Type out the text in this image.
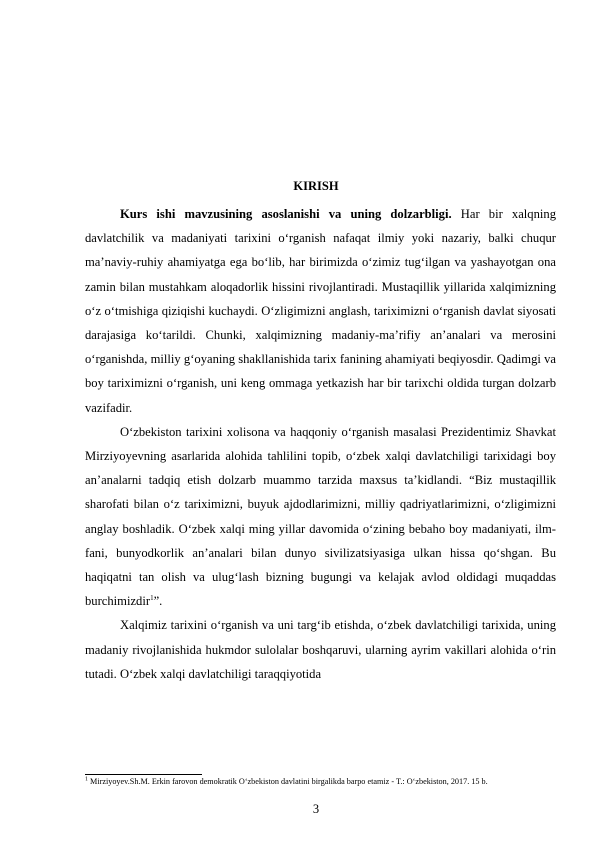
KIRISH

Kurs ishi mavzusining asoslanishi va uning dolzarbligi. Har bir xalqning davlatchilik va madaniyati tarixini o‘rganish nafaqat ilmiy yoki nazariy, balki chuqur ma’naviy-ruhiy ahamiyatga ega bo‘lib, har birimizda o‘zimiz tug‘ilgan va yashayotgan ona zamin bilan mustahkam aloqadorlik hissini rivojlantiradi. Mustaqillik yillarida xalqimizning o‘z o‘tmishiga qiziqishi kuchaydi. O‘zligimizni anglash, tariximizni o‘rganish davlat siyosati darajasiga ko‘tarildi. Chunki, xalqimizning madaniy-ma’rifiy an’analari va merosini o‘rganishda, milliy g‘oyaning shakllanishida tarix fanining ahamiyati beqiyosdir. Qadimgi va boy tariximizni o‘rganish, uni keng ommaga yetkazish har bir tarixchi oldida turgan dolzarb vazifadir.

O‘zbekiston tarixini xolisona va haqqoniy o‘rganish masalasi Prezidentimiz Shavkat Mirziyoyevning asarlarida alohida tahlilini topib, o‘zbek xalqi davlatchiligi tarixidagi boy an’analarni tadqiq etish dolzarb muammo tarzida maxsus ta’kidlandi. “Biz mustaqillik sharofati bilan o‘z tariximizni, buyuk ajdodlarimizni, milliy qadriyatlarimizni, o‘zligimizni anglay boshladik. O‘zbek xalqi ming yillar davomida o‘zining bebaho boy madaniyati, ilm-fani, bunyodkorlik an’analari bilan dunyo sivilizatsiyasiga ulkan hissa qo‘shgan. Bu haqiqatni tan olish va ulug‘lash bizning bugungi va kelajak avlod oldidagi muqaddas burchimizdir$^1$”.

Xalqimiz tarixini o‘rganish va uni targ‘ib etishda, o‘zbek davlatchiligi tarixida, uning madaniy rivojlanishida hukmdor sulolalar boshqaruvi, ularning ayrim vakillari alohida o‘rin tutadi. O‘zbek xalqi davlatchiligi taraqqiyotida

$^1$ Mirziyoyev.Sh.M. Erkin farovon demokratik O‘zbekiston davlatini birgalikda barpo etamiz - T.: O‘zbekiston, 2017. 15 b.
3
